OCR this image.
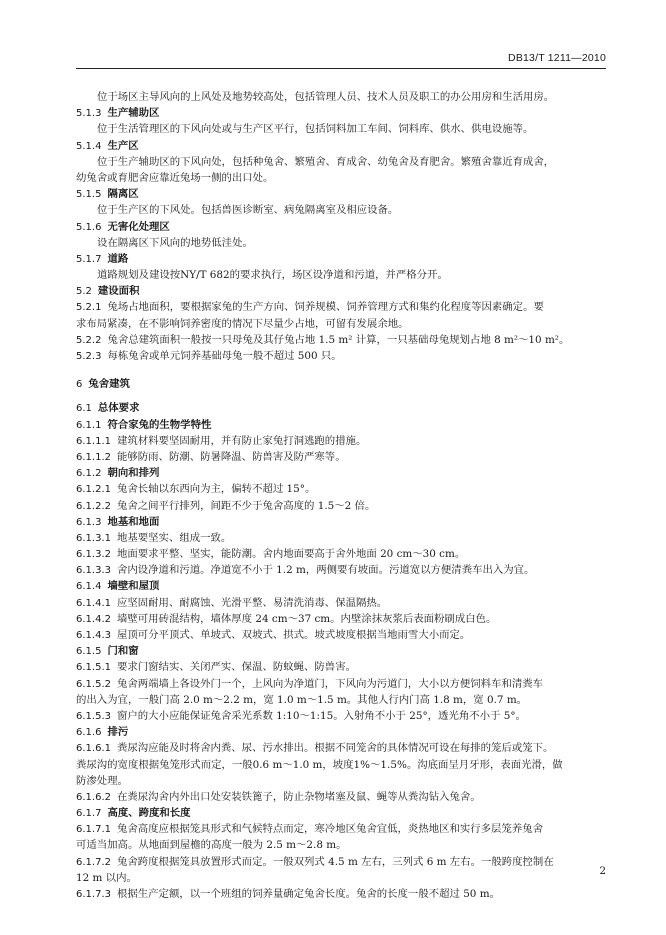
DB13/T 1211—2010
位于场区主导风向的上风处及地势较高处，包括管理人员、技术人员及职工的办公用房和生活用房。
5.1.3 生产辅助区
位于生活管理区的下风向处或与生产区平行，包括饲料加工车间、饲料库、供水、供电设施等。
5.1.4 生产区
位于生产辅助区的下风向处，包括种兔舍、繁殖舍、育成舍、幼兔舍及育肥舍。繁殖舍靠近育成舍，
幼兔舍或育肥舍应靠近兔场一侧的出口处。
5.1.5 隔离区
位于生产区的下风处。包括兽医诊断室、病兔隔离室及相应设备。
5.1.6 无害化处理区
设在隔离区下风向的地势低洼处。
5.1.7 道路
道路规划及建设按NY/T 682的要求执行，场区设净道和污道，并严格分开。
5.2 建设面积
5.2.1 兔场占地面积，要根据家兔的生产方向、饲养规模、饲养管理方式和集约化程度等因素确定。要
求布局紧凑，在不影响饲养密度的情况下尽量少占地，可留有发展余地。
5.2.2 兔舍总建筑面积一般按一只母兔及其仔兔占地 1.5 m² 计算，一只基础母兔规划占地 8 m²～10 m²。
5.2.3 每栋兔舍或单元饲养基础母兔一般不超过 500 只。
6 兔舍建筑
6.1 总体要求
6.1.1 符合家兔的生物学特性
6.1.1.1 建筑材料要坚固耐用，并有防止家兔打洞逃跑的措施。
6.1.1.2 能够防雨、防潮、防暑降温、防兽害及防严寒等。
6.1.2 朝向和排列
6.1.2.1 兔舍长轴以东西向为主，偏转不超过 15°。
6.1.2.2 兔舍之间平行排列，间距不少于兔舍高度的 1.5～2 倍。
6.1.3 地基和地面
6.1.3.1 地基要坚实、组成一致。
6.1.3.2 地面要求平整、坚实，能防潮。舍内地面要高于舍外地面 20 cm～30 cm。
6.1.3.3 舍内设净道和污道。净道宽不小于 1.2 m，两侧要有坡面。污道宽以方便清粪车出入为宜。
6.1.4 墙壁和屋顶
6.1.4.1 应坚固耐用、耐腐蚀、光滑平整、易清洗消毒、保温隔热。
6.1.4.2 墙壁可用砖混结构，墙体厚度 24 cm～37 cm。内壁涂抹灰浆后表面粉刷成白色。
6.1.4.3 屋顶可分平顶式、单坡式、双坡式、拱式。坡式坡度根据当地雨雪大小而定。
6.1.5 门和窗
6.1.5.1 要求门窗结实、关闭严实、保温、防蚊蝇、防兽害。
6.1.5.2 兔舍两端墙上各设外门一个，上风向为净道门，下风向为污道门，大小以方便饲料车和清粪车
的出入为宜，一般门高 2.0 m～2.2 m，宽 1.0 m～1.5 m。其他人行内门高 1.8 m，宽 0.7 m。
6.1.5.3 窗户的大小应能保证兔舍采光系数 1:10～1:15。入射角不小于 25°，透光角不小于 5°。
6.1.6 排污
6.1.6.1 粪尿沟应能及时将舍内粪、尿、污水排出。根据不同笼舍的具体情况可设在每排的笼后或笼下。
粪尿沟的宽度根据兔笼形式而定，一般0.6 m～1.0 m，坡度1%～1.5%。沟底面呈月牙形，表面光滑，做
防渗处理。
6.1.6.2 在粪尿沟舍内外出口处安装铁篦子，防止杂物堵塞及鼠、蝇等从粪沟钻入兔舍。
6.1.7 高度、跨度和长度
6.1.7.1 兔舍高度应根据笼具形式和气候特点而定，寒冷地区兔舍宜低，炎热地区和实行多层笼养兔舍
可适当加高。从地面到屋檐的高度一般为 2.5 m～2.8 m。
6.1.7.2 兔舍跨度根据笼具放置形式而定。一般双列式 4.5 m 左右，三列式 6 m 左右。一般跨度控制在
12 m 以内。
6.1.7.3 根据生产定额，以一个班组的饲养量确定兔舍长度。兔舍的长度一般不超过 50 m。
2
